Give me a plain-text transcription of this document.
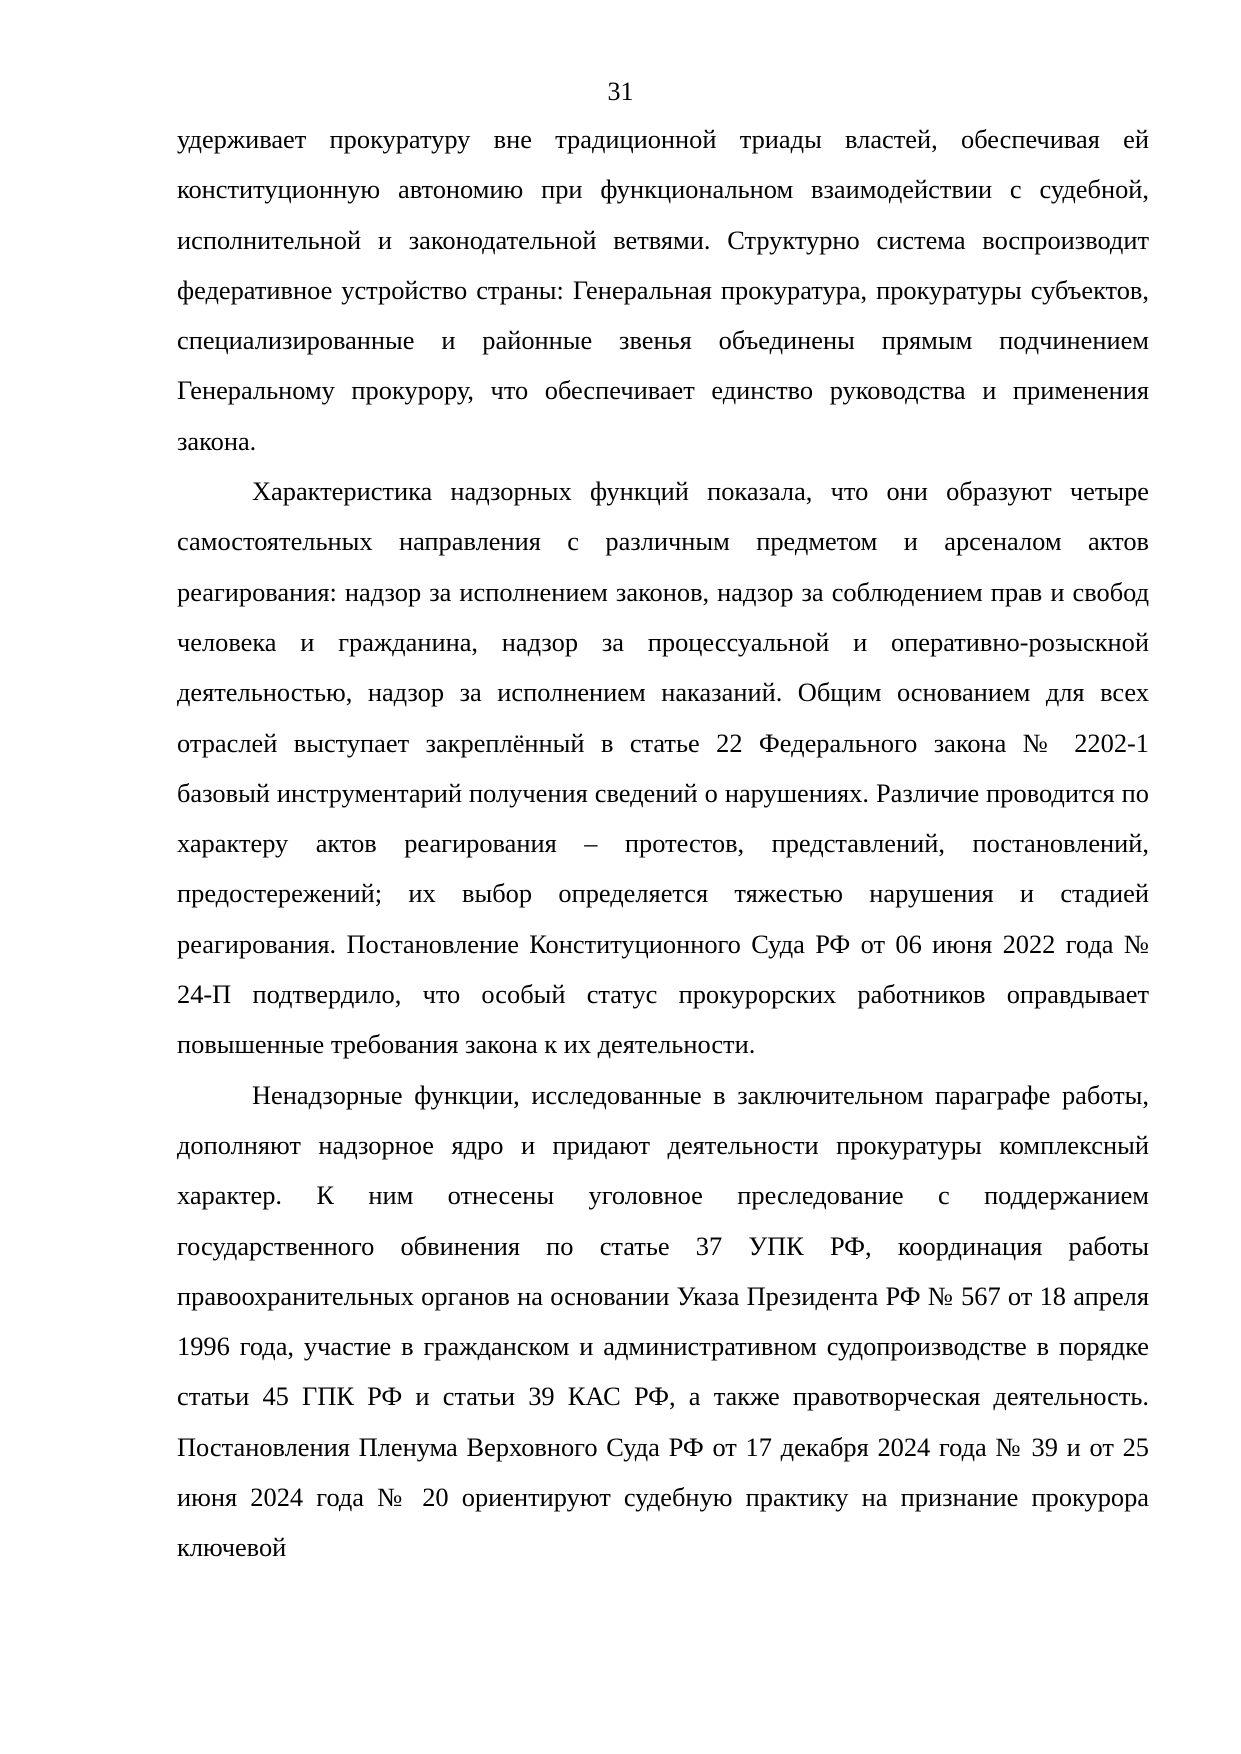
31

удерживает прокуратуру вне традиционной триады властей, обеспечивая ей конституционную автономию при функциональном взаимодействии с судебной, исполнительной и законодательной ветвями. Структурно система воспроизводит федеративное устройство страны: Генеральная прокуратура, прокуратуры субъектов, специализированные и районные звенья объединены прямым подчинением Генеральному прокурору, что обеспечивает единство руководства и применения закона.

Характеристика надзорных функций показала, что они образуют четыре самостоятельных направления с различным предметом и арсеналом актов реагирования: надзор за исполнением законов, надзор за соблюдением прав и свобод человека и гражданина, надзор за процессуальной и оперативно-розыскной деятельностью, надзор за исполнением наказаний. Общим основанием для всех отраслей выступает закреплённый в статье 22 Федерального закона № 2202-1 базовый инструментарий получения сведений о нарушениях. Различие проводится по характеру актов реагирования – протестов, представлений, постановлений, предостережений; их выбор определяется тяжестью нарушения и стадией реагирования. Постановление Конституционного Суда РФ от 06 июня 2022 года № 24-П подтвердило, что особый статус прокурорских работников оправдывает повышенные требования закона к их деятельности.

Ненадзорные функции, исследованные в заключительном параграфе работы, дополняют надзорное ядро и придают деятельности прокуратуры комплексный характер. К ним отнесены уголовное преследование с поддержанием государственного обвинения по статье 37 УПК РФ, координация работы правоохранительных органов на основании Указа Президента РФ № 567 от 18 апреля 1996 года, участие в гражданском и административном судопроизводстве в порядке статьи 45 ГПК РФ и статьи 39 КАС РФ, а также правотворческая деятельность. Постановления Пленума Верховного Суда РФ от 17 декабря 2024 года № 39 и от 25 июня 2024 года № 20 ориентируют судебную практику на признание прокурора ключевой
